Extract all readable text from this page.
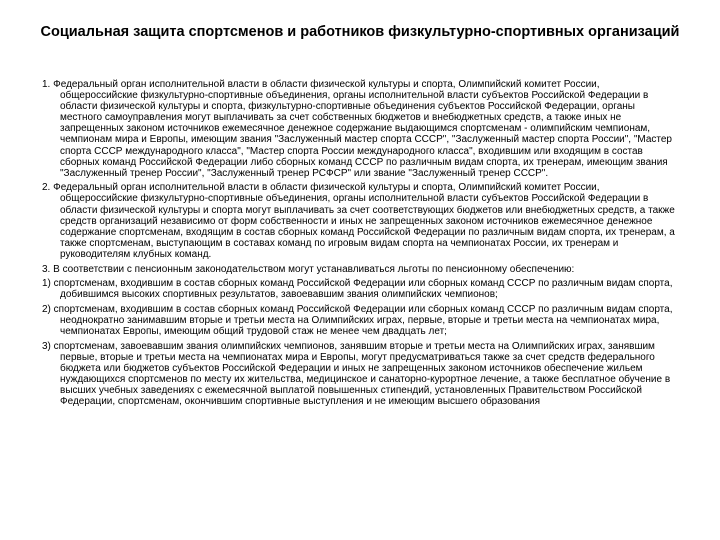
Социальная защита спортсменов и работников физкультурно-спортивных организаций

1. Федеральный орган исполнительной власти в области физической культуры и спорта, Олимпийский комитет России, общероссийские физкультурно-спортивные объединения, органы исполнительной власти субъектов Российской Федерации в области физической культуры и спорта, физкультурно-спортивные объединения субъектов Российской Федерации, органы местного самоуправления могут выплачивать за счет собственных бюджетов и внебюджетных средств, а также иных не запрещенных законом источников ежемесячное денежное содержание выдающимся спортсменам - олимпийским чемпионам, чемпионам мира и Европы, имеющим звания "Заслуженный мастер спорта СССР", "Заслуженный мастер спорта России", "Мастер спорта СССР международного класса", "Мастер спорта России международного класса", входившим или входящим в состав сборных команд Российской Федерации либо сборных команд СССР по различным видам спорта, их тренерам, имеющим звания "Заслуженный тренер России", "Заслуженный тренер РСФСР" или звание "Заслуженный тренер СССР".

2. Федеральный орган исполнительной власти в области физической культуры и спорта, Олимпийский комитет России, общероссийские физкультурно-спортивные объединения, органы исполнительной власти субъектов Российской Федерации в области физической культуры и спорта могут выплачивать за счет соответствующих бюджетов или внебюджетных средств, а также средств организаций независимо от форм собственности и иных не запрещенных законом источников ежемесячное денежное содержание спортсменам, входящим в состав сборных команд Российской Федерации по различным видам спорта, их тренерам, а также спортсменам, выступающим в составах команд по игровым видам спорта на чемпионатах России, их тренерам и руководителям клубных команд.

3. В соответствии с пенсионным законодательством могут устанавливаться льготы по пенсионному обеспечению:

1) спортсменам, входившим в состав сборных команд Российской Федерации или сборных команд СССР по различным видам спорта, добившимся высоких спортивных результатов, завоевавшим звания олимпийских чемпионов;

2) спортсменам, входившим в состав сборных команд Российской Федерации или сборных команд СССР по различным видам спорта, неоднократно занимавшим вторые и третьи места на Олимпийских играх, первые, вторые и третьи места на чемпионатах мира, чемпионатах Европы, имеющим общий трудовой стаж не менее чем двадцать лет;

3) спортсменам, завоевавшим звания олимпийских чемпионов, занявшим вторые и третьи места на Олимпийских играх, занявшим первые, вторые и третьи места на чемпионатах мира и Европы, могут предусматриваться также за счет средств федерального бюджета или бюджетов субъектов Российской Федерации и иных не запрещенных законом источников обеспечение жильем нуждающихся спортсменов по месту их жительства, медицинское и санаторно-курортное лечение, а также бесплатное обучение в высших учебных заведениях с ежемесячной выплатой повышенных стипендий, установленных Правительством Российской Федерации, спортсменам, окончившим спортивные выступления и не имеющим высшего образования
